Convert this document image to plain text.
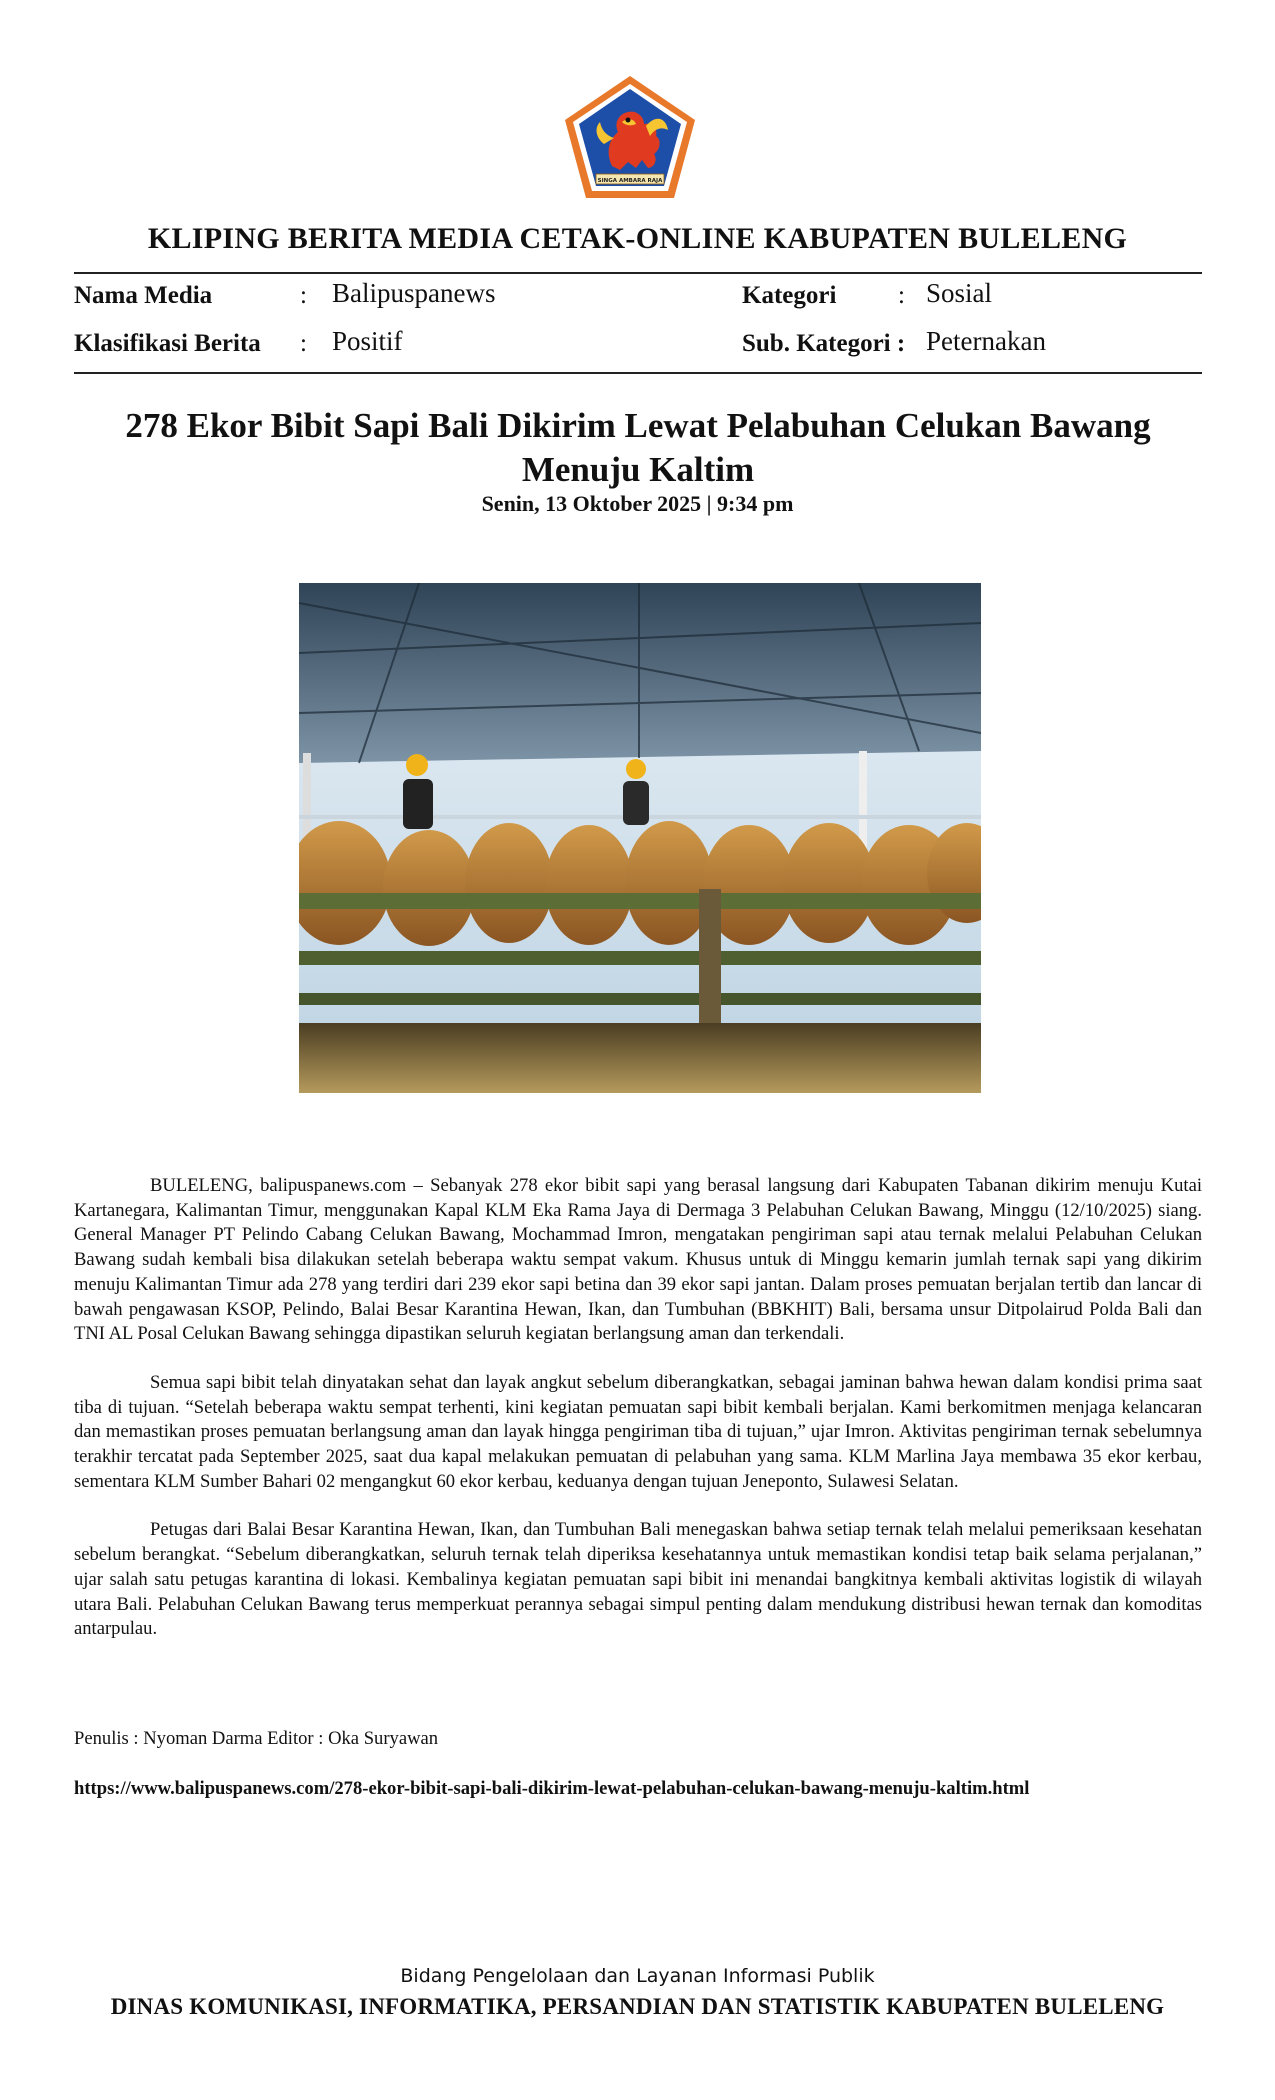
SINGA AMBARA RAJA
KLIPING BERITA MEDIA CETAK-ONLINE KABUPATEN BULELENG
Nama Media	: Balipuspanews
Klasifikasi Berita : Positif
Kategori : Sosial
Sub. Kategori : Peternakan
278 Ekor Bibit Sapi Bali Dikirim Lewat Pelabuhan Celukan Bawang Menuju Kaltim
Senin, 13 Oktober 2025 | 9:34 pm

BULELENG, balipuspanews.com – Sebanyak 278 ekor bibit sapi yang berasal langsung dari Kabupaten Tabanan dikirim menuju Kutai Kartanegara, Kalimantan Timur, menggunakan Kapal KLM Eka Rama Jaya di Dermaga 3 Pelabuhan Celukan Bawang, Minggu (12/10/2025) siang. General Manager PT Pelindo Cabang Celukan Bawang, Mochammad Imron, mengatakan pengiriman sapi atau ternak melalui Pelabuhan Celukan Bawang sudah kembali bisa dilakukan setelah beberapa waktu sempat vakum. Khusus untuk di Minggu kemarin jumlah ternak sapi yang dikirim menuju Kalimantan Timur ada 278 yang terdiri dari 239 ekor sapi betina dan 39 ekor sapi jantan. Dalam proses pemuatan berjalan tertib dan lancar di bawah pengawasan KSOP, Pelindo, Balai Besar Karantina Hewan, Ikan, dan Tumbuhan (BBKHIT) Bali, bersama unsur Ditpolairud Polda Bali dan TNI AL Posal Celukan Bawang sehingga dipastikan seluruh kegiatan berlangsung aman dan terkendali.

Semua sapi bibit telah dinyatakan sehat dan layak angkut sebelum diberangkatkan, sebagai jaminan bahwa hewan dalam kondisi prima saat tiba di tujuan. “Setelah beberapa waktu sempat terhenti, kini kegiatan pemuatan sapi bibit kembali berjalan. Kami berkomitmen menjaga kelancaran dan memastikan proses pemuatan berlangsung aman dan layak hingga pengiriman tiba di tujuan,” ujar Imron. Aktivitas pengiriman ternak sebelumnya terakhir tercatat pada September 2025, saat dua kapal melakukan pemuatan di pelabuhan yang sama. KLM Marlina Jaya membawa 35 ekor kerbau, sementara KLM Sumber Bahari 02 mengangkut 60 ekor kerbau, keduanya dengan tujuan Jeneponto, Sulawesi Selatan.

Petugas dari Balai Besar Karantina Hewan, Ikan, dan Tumbuhan Bali menegaskan bahwa setiap ternak telah melalui pemeriksaan kesehatan sebelum berangkat. “Sebelum diberangkatkan, seluruh ternak telah diperiksa kesehatannya untuk memastikan kondisi tetap baik selama perjalanan,” ujar salah satu petugas karantina di lokasi. Kembalinya kegiatan pemuatan sapi bibit ini menandai bangkitnya kembali aktivitas logistik di wilayah utara Bali. Pelabuhan Celukan Bawang terus memperkuat perannya sebagai simpul penting dalam mendukung distribusi hewan ternak dan komoditas antarpulau.

Penulis : Nyoman Darma Editor : Oka Suryawan
https://www.balipuspanews.com/278-ekor-bibit-sapi-bali-dikirim-lewat-pelabuhan-celukan-bawang-menuju-kaltim.html
Bidang Pengelolaan dan Layanan Informasi Publik
DINAS KOMUNIKASI, INFORMATIKA, PERSANDIAN DAN STATISTIK KABUPATEN BULELENG
